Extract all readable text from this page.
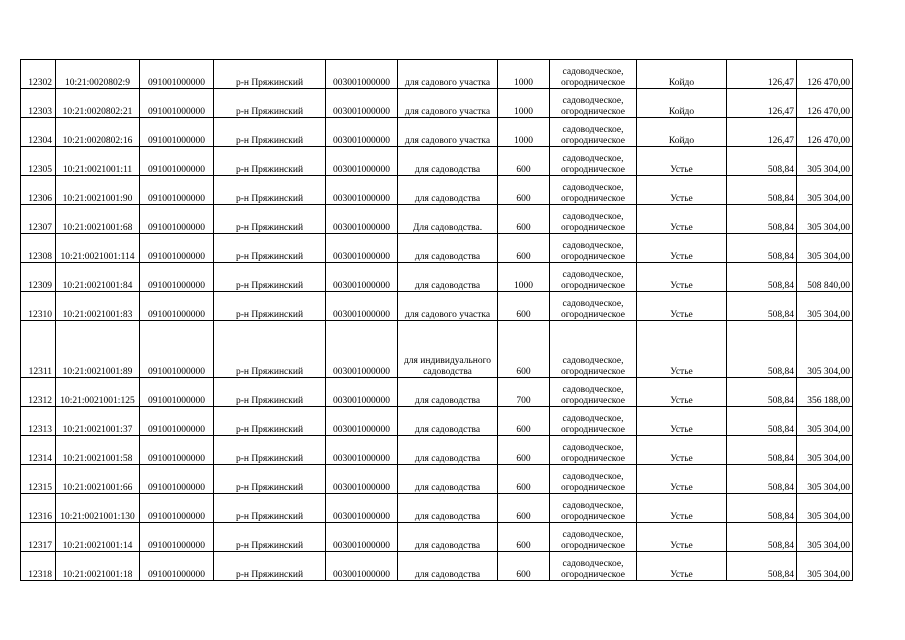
12302	10:21:0020802:9	091001000000	р-н Пряжинский	003001000000	для садового участка	1000	садоводческое, огородническое	Койдо	126,47	126 470,00
12303	10:21:0020802:21	091001000000	р-н Пряжинский	003001000000	для садового участка	1000	садоводческое, огородническое	Койдо	126,47	126 470,00
12304	10:21:0020802:16	091001000000	р-н Пряжинский	003001000000	для садового участка	1000	садоводческое, огородническое	Койдо	126,47	126 470,00
12305	10:21:0021001:11	091001000000	р-н Пряжинский	003001000000	для садоводства	600	садоводческое, огородническое	Устье	508,84	305 304,00
12306	10:21:0021001:90	091001000000	р-н Пряжинский	003001000000	для садоводства	600	садоводческое, огородническое	Устье	508,84	305 304,00
12307	10:21:0021001:68	091001000000	р-н Пряжинский	003001000000	Для садоводства.	600	садоводческое, огородническое	Устье	508,84	305 304,00
12308	10:21:0021001:114	091001000000	р-н Пряжинский	003001000000	для садоводства	600	садоводческое, огородническое	Устье	508,84	305 304,00
12309	10:21:0021001:84	091001000000	р-н Пряжинский	003001000000	для садоводства	1000	садоводческое, огородническое	Устье	508,84	508 840,00
12310	10:21:0021001:83	091001000000	р-н Пряжинский	003001000000	для садового участка	600	садоводческое, огородническое	Устье	508,84	305 304,00
12311	10:21:0021001:89	091001000000	р-н Пряжинский	003001000000	для индивидуального садоводства	600	садоводческое, огородническое	Устье	508,84	305 304,00
12312	10:21:0021001:125	091001000000	р-н Пряжинский	003001000000	для садоводства	700	садоводческое, огородническое	Устье	508,84	356 188,00
12313	10:21:0021001:37	091001000000	р-н Пряжинский	003001000000	для садоводства	600	садоводческое, огородническое	Устье	508,84	305 304,00
12314	10:21:0021001:58	091001000000	р-н Пряжинский	003001000000	для садоводства	600	садоводческое, огородническое	Устье	508,84	305 304,00
12315	10:21:0021001:66	091001000000	р-н Пряжинский	003001000000	для садоводства	600	садоводческое, огородническое	Устье	508,84	305 304,00
12316	10:21:0021001:130	091001000000	р-н Пряжинский	003001000000	для садоводства	600	садоводческое, огородническое	Устье	508,84	305 304,00
12317	10:21:0021001:14	091001000000	р-н Пряжинский	003001000000	для садоводства	600	садоводческое, огородническое	Устье	508,84	305 304,00
12318	10:21:0021001:18	091001000000	р-н Пряжинский	003001000000	для садоводства	600	садоводческое, огородническое	Устье	508,84	305 304,00
